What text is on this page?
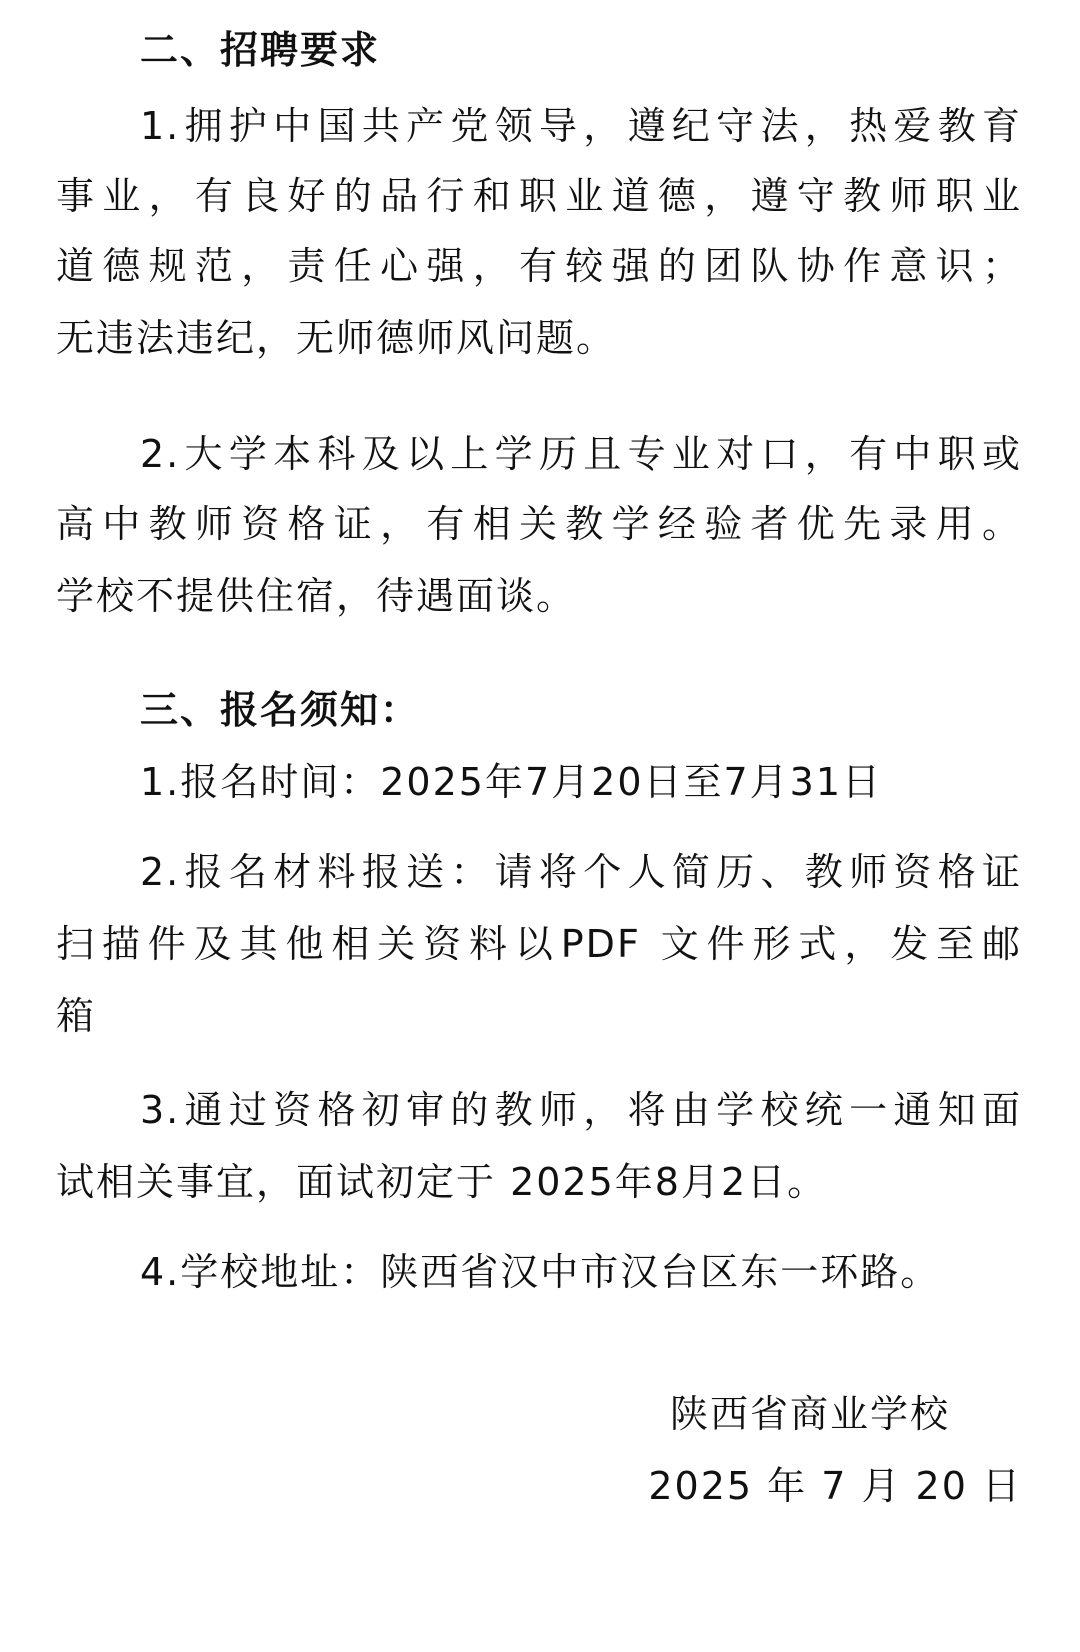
二、招聘要求
1.拥护中国共产党领导，遵纪守法，热爱教育
事业，有良好的品行和职业道德，遵守教师职业
道德规范，责任心强，有较强的团队协作意识；
无违法违纪，无师德师风问题。
2.大学本科及以上学历且专业对口，有中职或
高中教师资格证，有相关教学经验者优先录用。
学校不提供住宿，待遇面谈。
三、报名须知：
1.报名时间：2025年7月20日至7月31日
2.报名材料报送：请将个人简历、教师资格证
扫描件及其他相关资料以PDF 文件形式，发至邮
箱
3.通过资格初审的教师，将由学校统一通知面
试相关事宜，面试初定于 2025年8月2日。
4.学校地址：陕西省汉中市汉台区东一环路。
陕西省商业学校
2025 年 7 月 20 日
